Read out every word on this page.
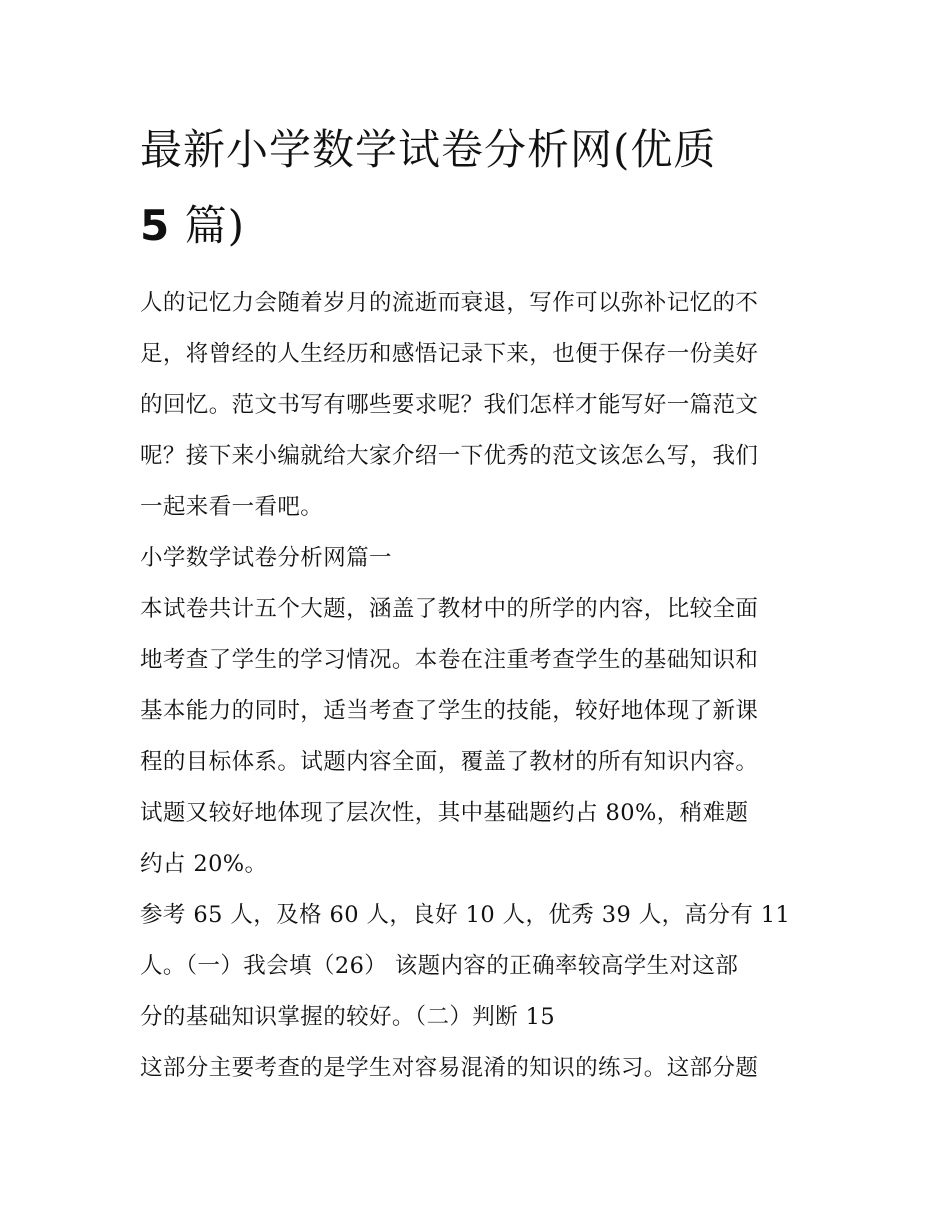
最新小学数学试卷分析网(优质
5 篇)

人的记忆力会随着岁月的流逝而衰退，写作可以弥补记忆的不
足，将曾经的人生经历和感悟记录下来，也便于保存一份美好
的回忆。范文书写有哪些要求呢？我们怎样才能写好一篇范文
呢？接下来小编就给大家介绍一下优秀的范文该怎么写，我们
一起来看一看吧。

小学数学试卷分析网篇一

本试卷共计五个大题，涵盖了教材中的所学的内容，比较全面
地考查了学生的学习情况。本卷在注重考查学生的基础知识和
基本能力的同时，适当考查了学生的技能，较好地体现了新课
程的目标体系。试题内容全面，覆盖了教材的所有知识内容。
试题又较好地体现了层次性，其中基础题约占 80%，稍难题
约占 20%。

参考 65 人，及格 60 人，良好 10 人，优秀 39 人，高分有 11
人。（一）我会填（26） 该题内容的正确率较高学生对这部
分的基础知识掌握的较好。（二）判断 15

这部分主要考查的是学生对容易混淆的知识的练习。这部分题
